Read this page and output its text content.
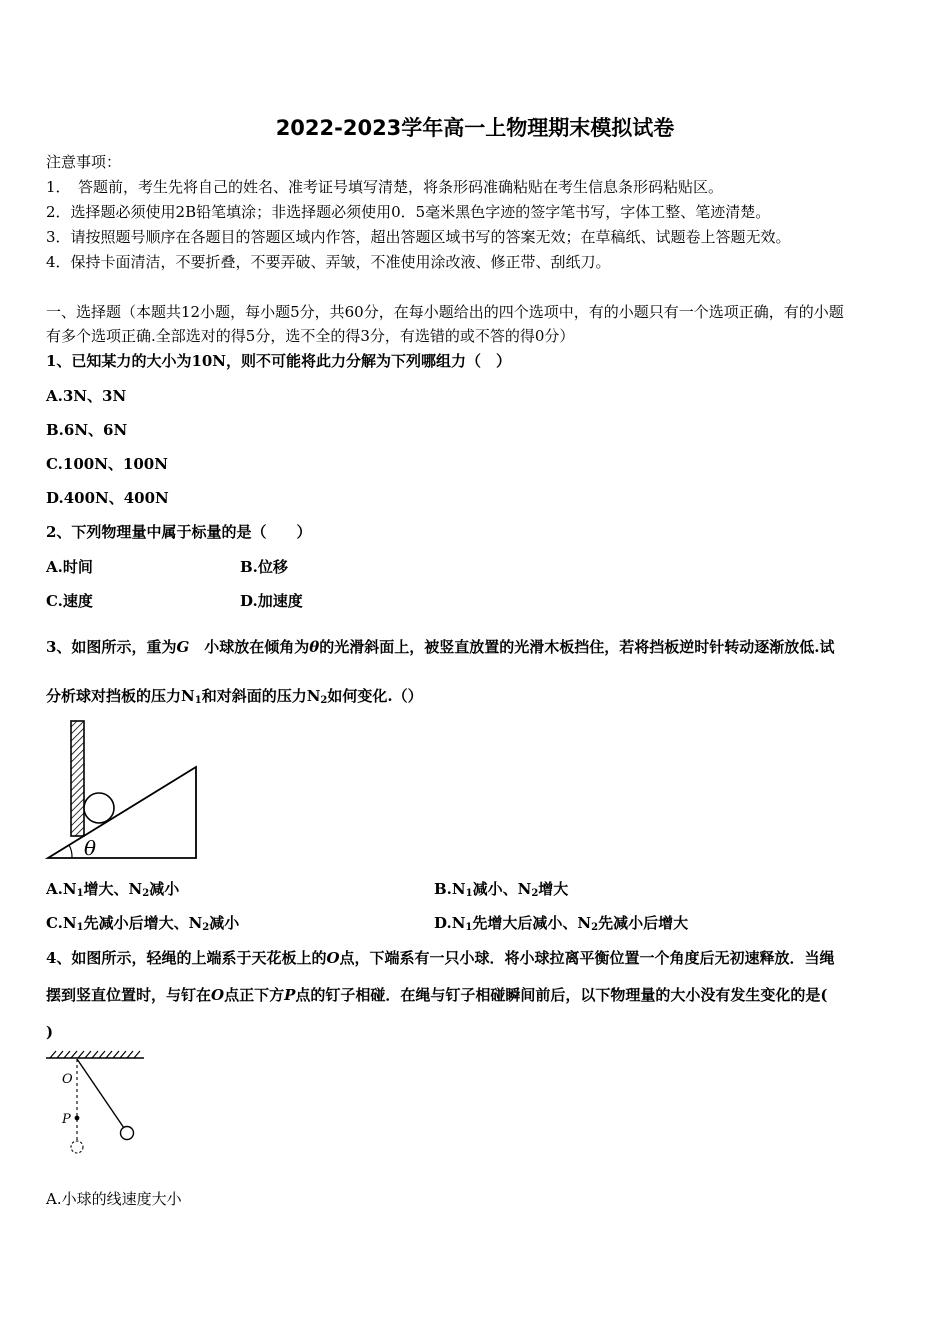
2022-2023学年高一上物理期末模拟试卷
注意事项：
1．　答题前，考生先将自己的姓名、准考证号填写清楚，将条形码准确粘贴在考生信息条形码粘贴区。
2．选择题必须使用2B铅笔填涂；非选择题必须使用0．5毫米黑色字迹的签字笔书写，字体工整、笔迹清楚。
3．请按照题号顺序在各题目的答题区域内作答，超出答题区域书写的答案无效；在草稿纸、试题卷上答题无效。
4．保持卡面清洁，不要折叠，不要弄破、弄皱，不准使用涂改液、修正带、刮纸刀。
一、选择题（本题共12小题，每小题5分，共60分，在每小题给出的四个选项中，有的小题只有一个选项正确，有的小题
有多个选项正确.全部选对的得5分，选不全的得3分，有选错的或不答的得0分）
1、已知某力的大小为10N，则不可能将此力分解为下列哪组力（　）
A.3N、3N
B.6N、6N
C.100N、100N
D.400N、400N
2、下列物理量中属于标量的是（　　）
A.时间	B.位移
C.速度	D.加速度
3、如图所示，重为G　小球放在倾角为θ的光滑斜面上，被竖直放置的光滑木板挡住，若将挡板逆时针转动逐渐放低.试
分析球对挡板的压力$N_1$和对斜面的压力$N_2$如何变化.（）
θ
$A.N_1$增大、$N_2$减小	$B.N_1$减小、$N_2$增大
$C.N_1$先减小后增大、$N_2$减小	$D.N_1$先增大后减小、$N_2$先减小后增大
4、如图所示，轻绳的上端系于天花板上的O点，下端系有一只小球．将小球拉离平衡位置一个角度后无初速释放．当绳
摆到竖直位置时，与钉在O点正下方P点的钉子相碰．在绳与钉子相碰瞬间前后，以下物理量的大小没有发生变化的是(
)
O
P
A.小球的线速度大小
